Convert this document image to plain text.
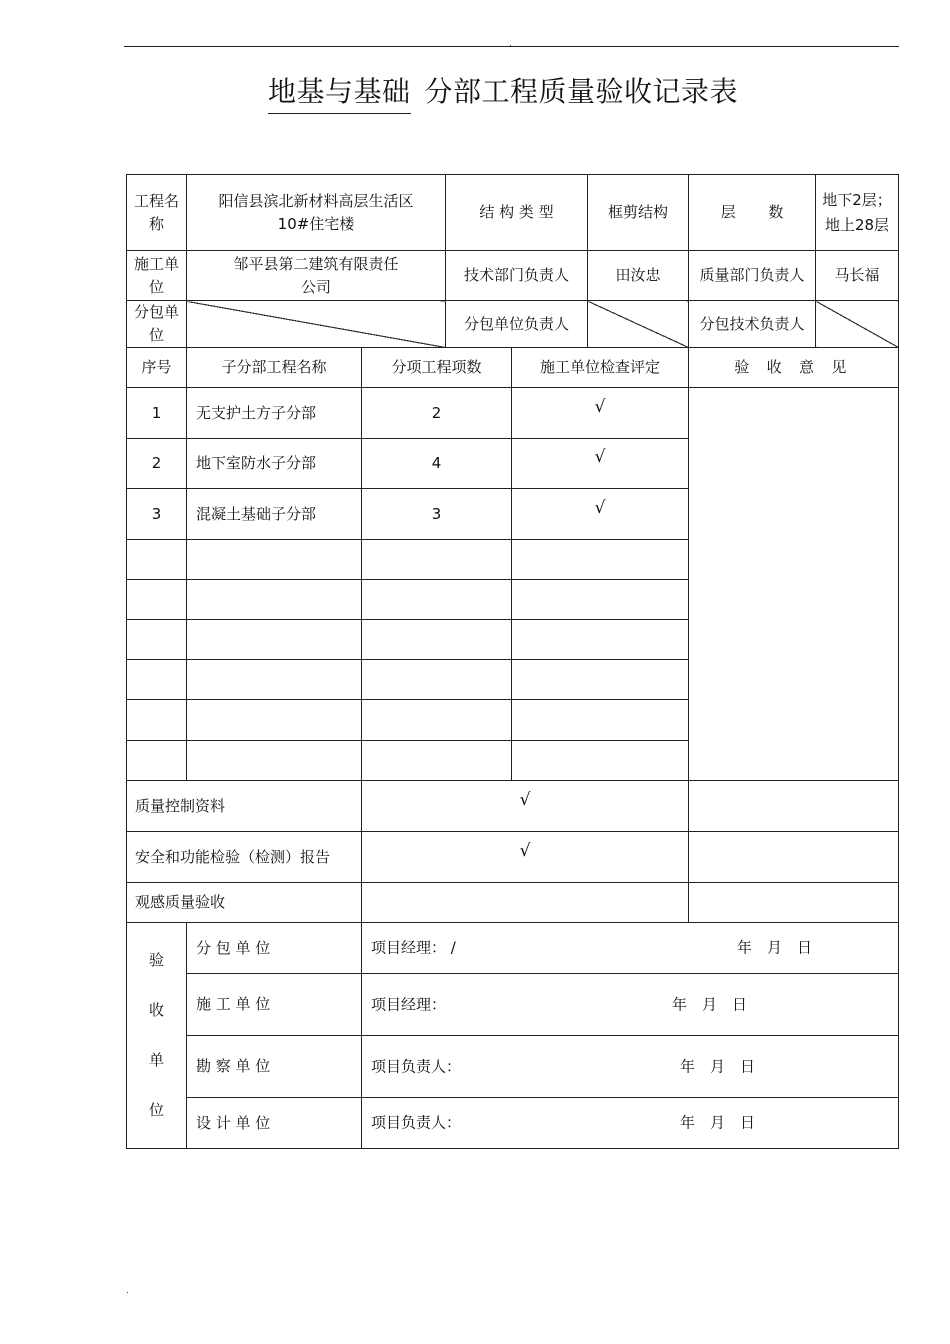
.
地基与基础 分部工程质量验收记录表
工程名称	阳信县滨北新材料高层生活区10#住宅楼		结 构 类 型		框剪结构	层 数	地下2层；地上28层
施工单位	邹平县第二建筑有限责任公司		技术部门负责人		田汝忠	质量部门负责人	马长福
分包单位			分包单位负责人			分包技术负责人	
序号	子分部工程名称	分项工程项数		施工单位检查评定		验 收 意 见	
1	无支护土方子分部	2		√			
2	地下室防水子分部	4		√			
3	混凝土基础子分部	3		√			

质量控制资料		√					
安全和功能检验（检测）报告		√					
观感质量验收							

验
收
单
位	分 包 单 位	项目经理： / 年　月　日					

	施 工 单 位	项目经理： 年　月　日					

	勘 察 单 位	项目负责人： 年　月　日					

	设 计 单 位	项目负责人： 年　月　日					
.
